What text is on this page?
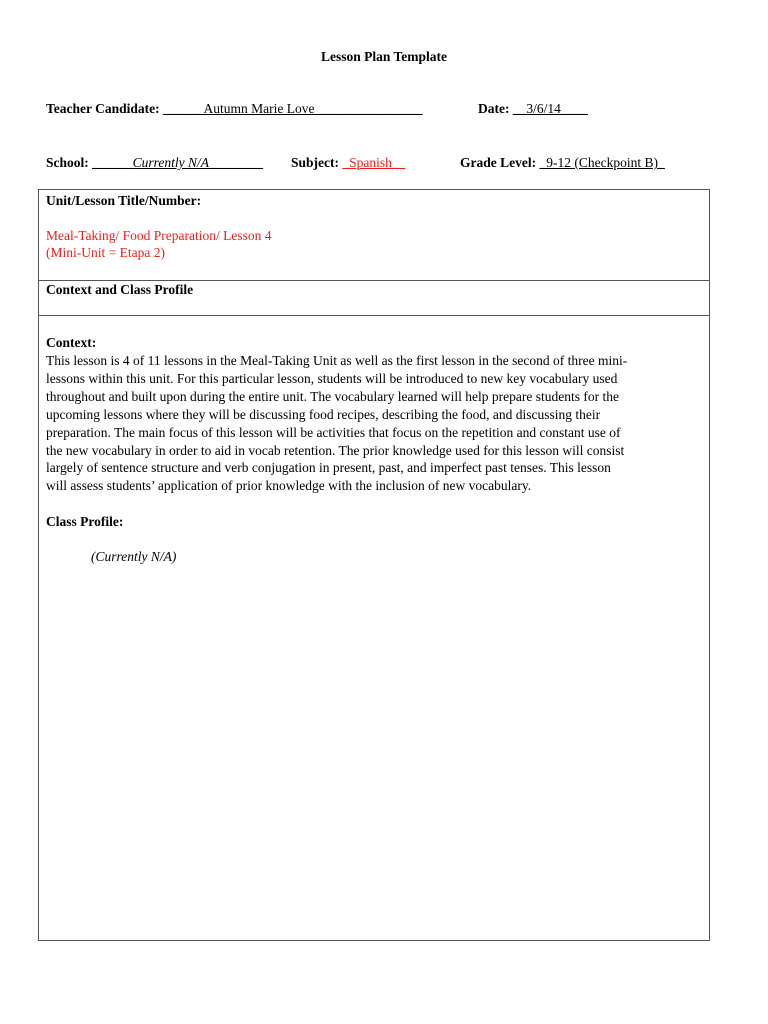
Lesson Plan Template
Teacher Candidate: ______Autumn Marie Love________________	Date: __3/6/14____
School: ______Currently N/A________ Subject: _Spanish__	Grade Level: _9-12 (Checkpoint B)_
Unit/Lesson Title/Number:
Meal-Taking/ Food Preparation/ Lesson 4
(Mini-Unit = Etapa 2)
Context and Class Profile
Context:

This lesson is 4 of 11 lessons in the Meal-Taking Unit as well as the first lesson in the second of three mini-

lessons within this unit. For this particular lesson, students will be introduced to new key vocabulary used

throughout and built upon during the entire unit. The vocabulary learned will help prepare students for the

upcoming lessons where they will be discussing food recipes, describing the food, and discussing their

preparation. The main focus of this lesson will be activities that focus on the repetition and constant use of

the new vocabulary in order to aid in vocab retention. The prior knowledge used for this lesson will consist

largely of sentence structure and verb conjugation in present, past, and imperfect past tenses. This lesson

will assess students’ application of prior knowledge with the inclusion of new vocabulary.

Class Profile:
(Currently N/A)
